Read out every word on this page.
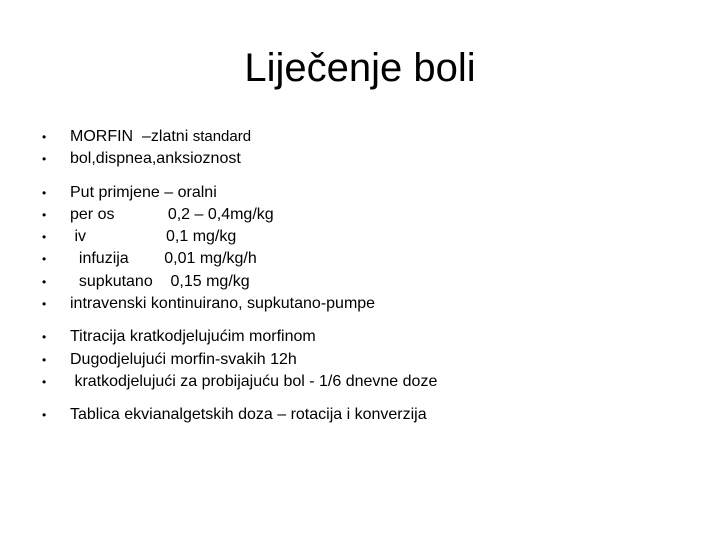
Liječenje boli

•

	MORFIN  –zlatni standard

•

	bol,dispnea,anksioznost

•

	Put primjene – oralni

•

	per os            0,2 – 0,4mg/kg

•

	iv                  0,1 mg/kg

•

	infuzija        0,01 mg/kg/h

•

	supkutano    0,15 mg/kg

•

	intravenski kontinuirano, supkutano-pumpe

•

	Titracija kratkodjelujućim morfinom

•

	Dugodjelujući morfin-svakih 12h

•

	kratkodjelujući za probijajuću bol - 1/6 dnevne doze

•

	Tablica ekvianalgetskih doza – rotacija i konverzija
